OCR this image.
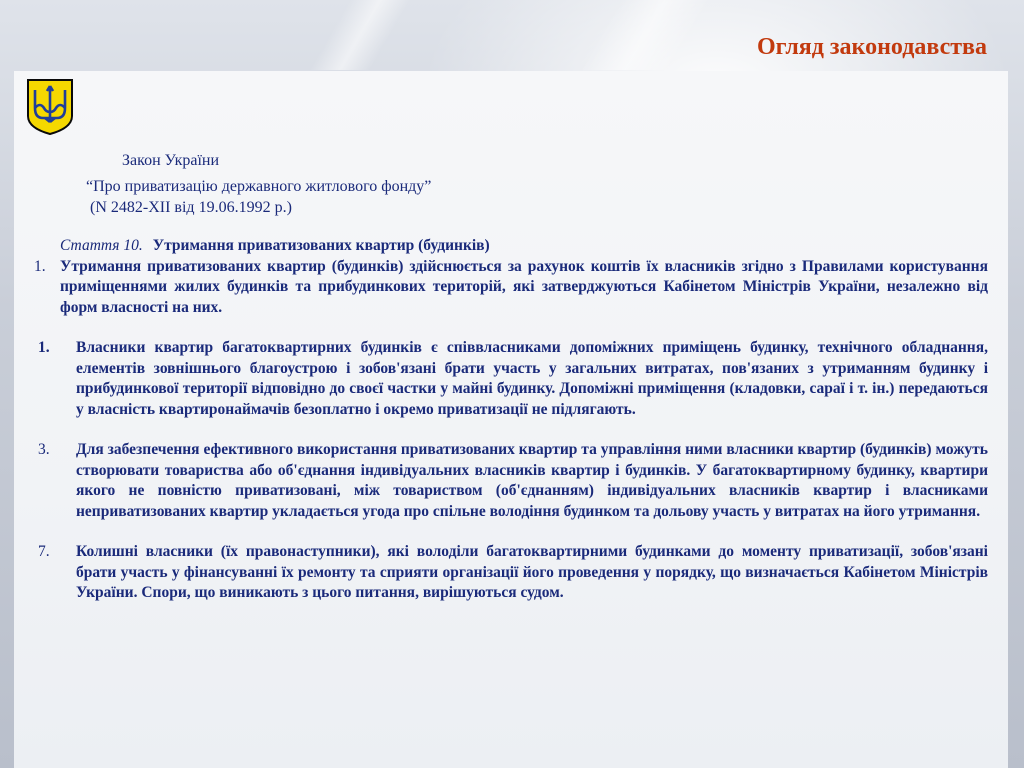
Огляд законодавства

Закон України

“Про приватизацію державного житлового фонду”

(N 2482-XII від 19.06.1992 р.)

Стаття 10. Утримання приватизованих квартир (будинків)

1. Утримання приватизованих квартир (будинків) здійснюється за рахунок коштів їх власників згідно з Правилами користування приміщеннями жилих будинків та прибудинкових територій, які затверджуються Кабінетом Міністрів України, незалежно від форм власності на них.

1. Власники квартир багатоквартирних будинків є співвласниками допоміжних приміщень будинку, технічного обладнання, елементів зовнішнього благоустрою і зобов'язані брати участь у загальних витратах, пов'язаних з утриманням будинку і прибудинкової території відповідно до своєї частки у майні будинку. Допоміжні приміщення (кладовки, сараї і т. ін.) передаються у власність квартиронаймачів безоплатно і окремо приватизації не підлягають.

3. Для забезпечення ефективного використання приватизованих квартир та управління ними власники квартир (будинків) можуть створювати товариства або об'єднання індивідуальних власників квартир і будинків. У багатоквартирному будинку, квартири якого не повністю приватизовані, між товариством (об'єднанням) індивідуальних власників квартир і власниками неприватизованих квартир укладається угода про спільне володіння будинком та дольову участь у витратах на його утримання.

7. Колишні власники (їх правонаступники), які володіли багатоквартирними будинками до моменту приватизації, зобов'язані брати участь у фінансуванні їх ремонту та сприяти організації його проведення у порядку, що визначається Кабінетом Міністрів України. Спори, що виникають з цього питання, вирішуються судом.
